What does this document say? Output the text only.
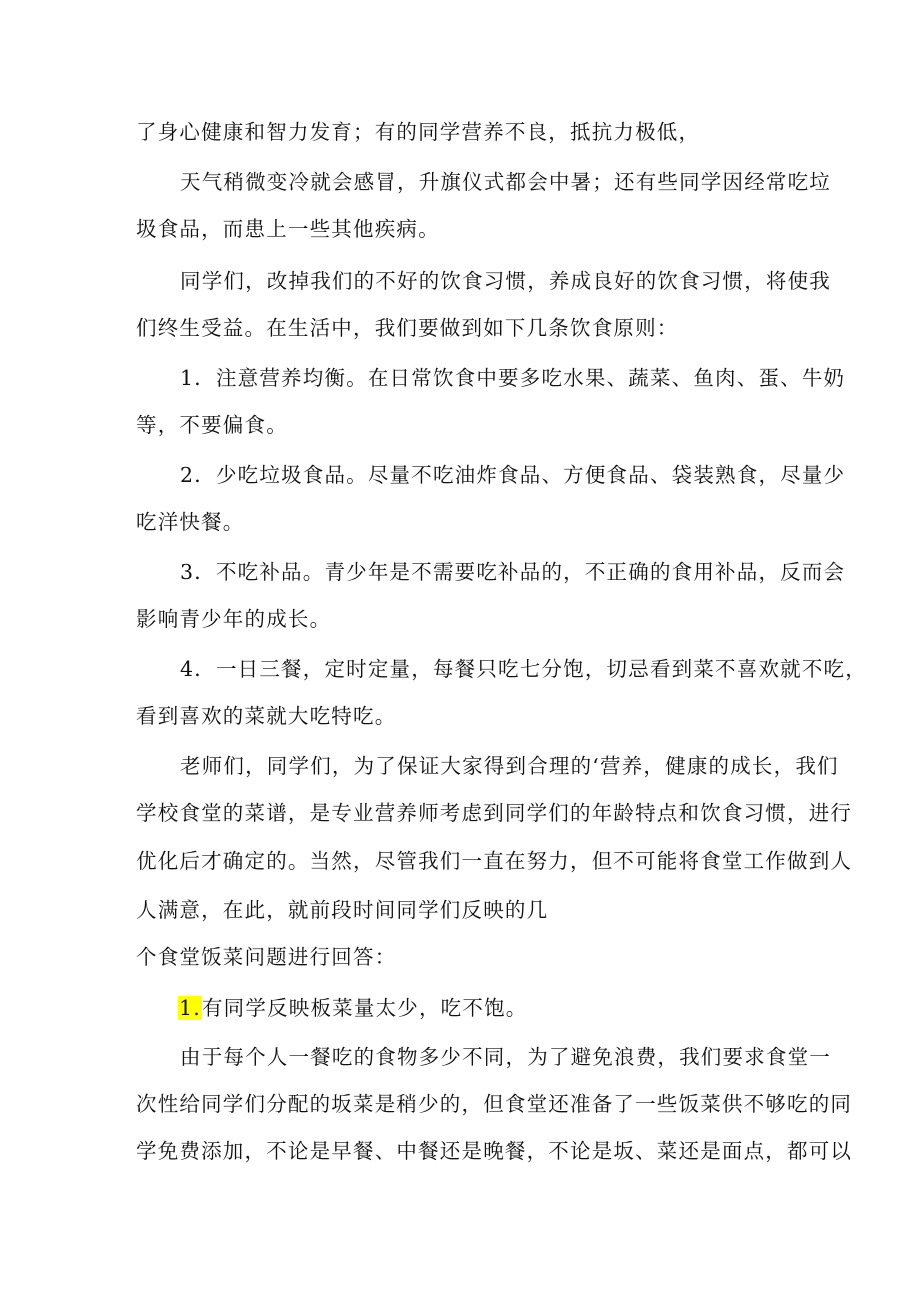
了身心健康和智力发育；有的同学营养不良，抵抗力极低，
天气稍微变冷就会感冒，升旗仪式都会中暑；还有些同学因经常吃垃
圾食品，而患上一些其他疾病。
同学们，改掉我们的不好的饮食习惯，养成良好的饮食习惯，将使我
们终生受益。在生活中，我们要做到如下几条饮食原则：
1．注意营养均衡。在日常饮食中要多吃水果、蔬菜、鱼肉、蛋、牛奶
等，不要偏食。
2．少吃垃圾食品。尽量不吃油炸食品、方便食品、袋装熟食，尽量少
吃洋快餐。
3．不吃补品。青少年是不需要吃补品的，不正确的食用补品，反而会
影响青少年的成长。
4．一日三餐，定时定量，每餐只吃七分饱，切忌看到菜不喜欢就不吃，
看到喜欢的菜就大吃特吃。
老师们，同学们，为了保证大家得到合理的‘营养，健康的成长，我们
学校食堂的菜谱，是专业营养师考虑到同学们的年龄特点和饮食习惯，进行
优化后才确定的。当然，尽管我们一直在努力，但不可能将食堂工作做到人
人满意，在此，就前段时间同学们反映的几
个食堂饭菜问题进行回答：
1.有同学反映板菜量太少，吃不饱。
由于每个人一餐吃的食物多少不同，为了避免浪费，我们要求食堂一
次性给同学们分配的坂菜是稍少的，但食堂还准备了一些饭菜供不够吃的同
学免费添加，不论是早餐、中餐还是晚餐，不论是坂、菜还是面点，都可以
